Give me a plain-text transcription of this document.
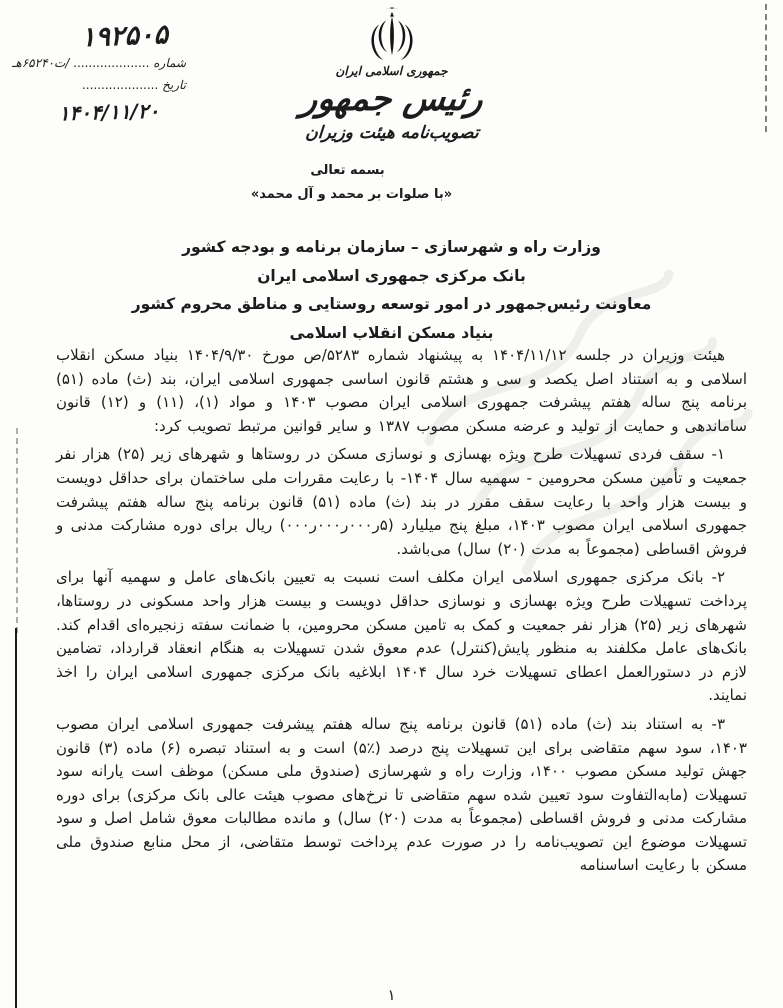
جمهوری اسلامی ایران
رئیس جمهور
تصویب‌نامه هیئت وزیران
۱۹۲۵۰۵
شماره .................... /ت۶۵۲۴۰هـ
تاریخ ....................
۱۴۰۴/۱۱/۲۰
بسمه تعالی
«با صلوات بر محمد و آل محمد»
وزارت راه و شهرسازی – سازمان برنامه و بودجه کشور
بانک مرکزی جمهوری اسلامی ایران
معاونت رئیس‌جمهور در امور توسعه روستایی و مناطق محروم کشور
بنیاد مسکن انقلاب اسلامی

هیئت وزیران در جلسه ۱۴۰۴/۱۱/۱۲ به پیشنهاد شماره ۵۲۸۳/ص مورخ ۱۴۰۴/۹/۳۰ بنیاد مسکن انقلاب اسلامی و به استناد اصل یکصد و سی و هشتم قانون اساسی جمهوری اسلامی ایران، بند (ث) ماده (۵۱) برنامه پنج ساله هفتم پیشرفت جمهوری اسلامی ایران مصوب ۱۴۰۳ و مواد (۱)، (۱۱) و (۱۲) قانون ساماندهی و حمایت از تولید و عرضه مسکن مصوب ۱۳۸۷ و سایر قوانین مرتبط تصویب کرد:

۱- سقف فردی تسهیلات طرح ویژه بهسازی و نوسازی مسکن در روستاها و شهرهای زیر (۲۵) هزار نفر جمعیت و تأمین مسکن محرومین - سهمیه سال ۱۴۰۴- با رعایت مقررات ملی ساختمان برای حداقل دویست و بیست هزار واحد با رعایت سقف مقرر در بند (ث) ماده (۵۱) قانون برنامه پنج ساله هفتم پیشرفت جمهوری اسلامی ایران مصوب ۱۴۰۳، مبلغ پنج میلیارد (۵ر۰۰۰ر۰۰۰ر۰۰۰) ریال برای دوره مشارکت مدنی و فروش اقساطی (مجموعاً به مدت (۲۰) سال) می‌باشد.

۲- بانک مرکزی جمهوری اسلامی ایران مکلف است نسبت به تعیین بانک‌های عامل و سهمیه آنها برای پرداخت تسهیلات طرح ویژه بهسازی و نوسازی حداقل دویست و بیست هزار واحد مسکونی در روستاها، شهرهای زیر (۲۵) هزار نفر جمعیت و کمک به تامین مسکن محرومین، با ضمانت سفته زنجیره‌ای اقدام کند. بانک‌های عامل مکلفند به منظور پایش(کنترل) عدم معوق شدن تسهیلات به هنگام انعقاد قرارداد، تضامین لازم در دستورالعمل اعطای تسهیلات خرد سال ۱۴۰۴ ابلاغیه بانک مرکزی جمهوری اسلامی ایران را اخذ نمایند.

۳- به استناد بند (ث) ماده (۵۱) قانون برنامه پنج ساله هفتم پیشرفت جمهوری اسلامی ایران مصوب ۱۴۰۳، سود سهم متقاضی برای این تسهیلات پنج درصد (٪۵) است و به استناد تبصره (۶) ماده (۳) قانون جهش تولید مسکن مصوب ۱۴۰۰، وزارت راه و شهرسازی (صندوق ملی مسکن) موظف است یارانه سود تسهیلات (مابه‌التفاوت سود تعیین شده سهم متقاضی تا نرخ‌های مصوب هیئت عالی بانک مرکزی) برای دوره مشارکت مدنی و فروش اقساطی (مجموعاً به مدت (۲۰) سال) و مانده مطالبات معوق شامل اصل و سود تسهیلات موضوع این تصویب‌نامه را در صورت عدم پرداخت توسط متقاضی، از محل منابع صندوق ملی مسکن با رعایت اساسنامه

۱
